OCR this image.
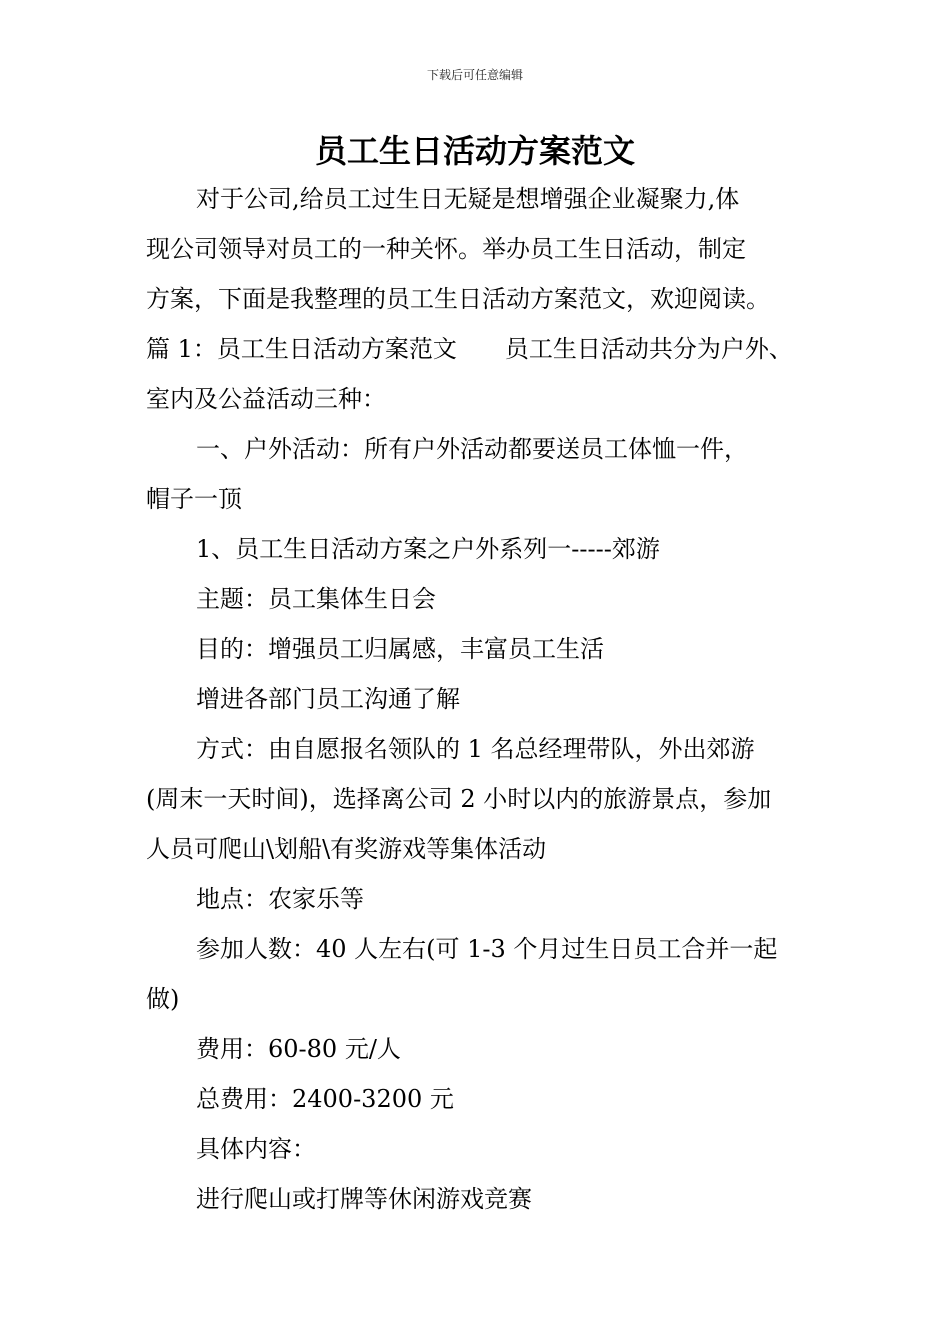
下载后可任意编辑
员工生日活动方案范文
对于公司,给员工过生日无疑是想增强企业凝聚力,体
现公司领导对员工的一种关怀。举办员工生日活动，制定
方案，下面是我整理的员工生日活动方案范文，欢迎阅读。
篇 1：员工生日活动方案范文　　员工生日活动共分为户外、
室内及公益活动三种：
一、户外活动：所有户外活动都要送员工体恤一件，
帽子一顶
1、员工生日活动方案之户外系列一-----郊游
主题：员工集体生日会
目的：增强员工归属感，丰富员工生活
增进各部门员工沟通了解
方式：由自愿报名领队的 1 名总经理带队，外出郊游
(周末一天时间)，选择离公司 2 小时以内的旅游景点，参加
人员可爬山\划船\有奖游戏等集体活动
地点：农家乐等
参加人数：40 人左右(可 1-3 个月过生日员工合并一起
做)
费用：60-80 元/人
总费用：2400-3200 元
具体内容：
进行爬山或打牌等休闲游戏竞赛
